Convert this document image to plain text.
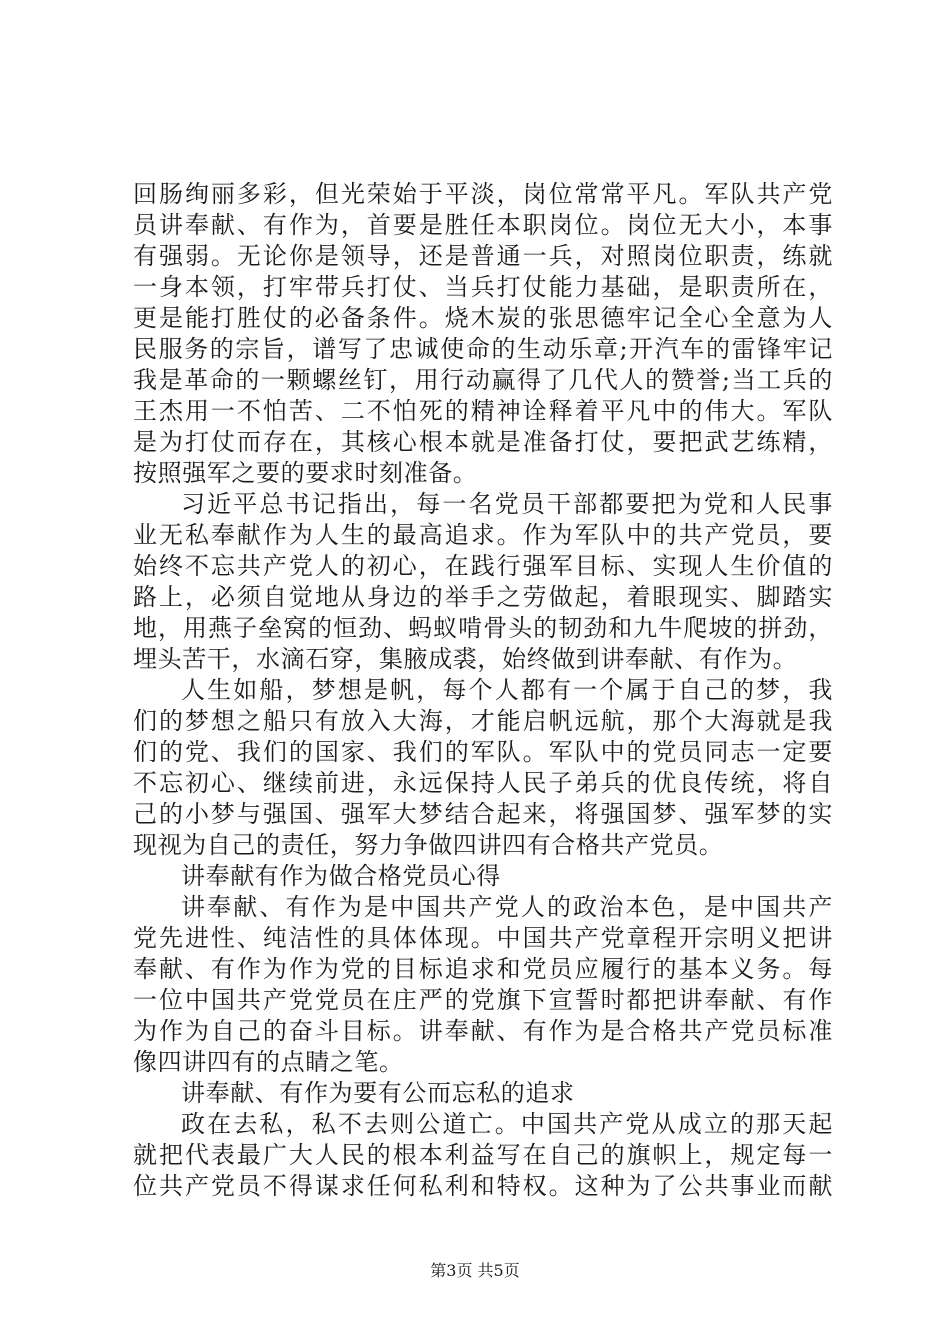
回肠绚丽多彩，但光荣始于平淡，岗位常常平凡。军队共产党
员讲奉献、有作为，首要是胜任本职岗位。岗位无大小，本事
有强弱。无论你是领导，还是普通一兵，对照岗位职责，练就
一身本领，打牢带兵打仗、当兵打仗能力基础，是职责所在，
更是能打胜仗的必备条件。烧木炭的张思德牢记全心全意为人
民服务的宗旨，谱写了忠诚使命的生动乐章;开汽车的雷锋牢记
我是革命的一颗螺丝钉，用行动赢得了几代人的赞誉;当工兵的
王杰用一不怕苦、二不怕死的精神诠释着平凡中的伟大。军队
是为打仗而存在，其核心根本就是准备打仗，要把武艺练精，
按照强军之要的要求时刻准备。
习近平总书记指出，每一名党员干部都要把为党和人民事
业无私奉献作为人生的最高追求。作为军队中的共产党员，要
始终不忘共产党人的初心，在践行强军目标、实现人生价值的
路上，必须自觉地从身边的举手之劳做起，着眼现实、脚踏实
地，用燕子垒窝的恒劲、蚂蚁啃骨头的韧劲和九牛爬坡的拼劲，
埋头苦干，水滴石穿，集腋成裘，始终做到讲奉献、有作为。
人生如船，梦想是帆，每个人都有一个属于自己的梦，我
们的梦想之船只有放入大海，才能启帆远航，那个大海就是我
们的党、我们的国家、我们的军队。军队中的党员同志一定要
不忘初心、继续前进，永远保持人民子弟兵的优良传统，将自
己的小梦与强国、强军大梦结合起来，将强国梦、强军梦的实
现视为自己的责任，努力争做四讲四有合格共产党员。
讲奉献有作为做合格党员心得
讲奉献、有作为是中国共产党人的政治本色，是中国共产
党先进性、纯洁性的具体体现。中国共产党章程开宗明义把讲
奉献、有作为作为党的目标追求和党员应履行的基本义务。每
一位中国共产党党员在庄严的党旗下宣誓时都把讲奉献、有作
为作为自己的奋斗目标。讲奉献、有作为是合格共产党员标准
像四讲四有的点睛之笔。
讲奉献、有作为要有公而忘私的追求
政在去私，私不去则公道亡。中国共产党从成立的那天起
就把代表最广大人民的根本利益写在自己的旗帜上，规定每一
位共产党员不得谋求任何私利和特权。这种为了公共事业而献
第3页 共5页
